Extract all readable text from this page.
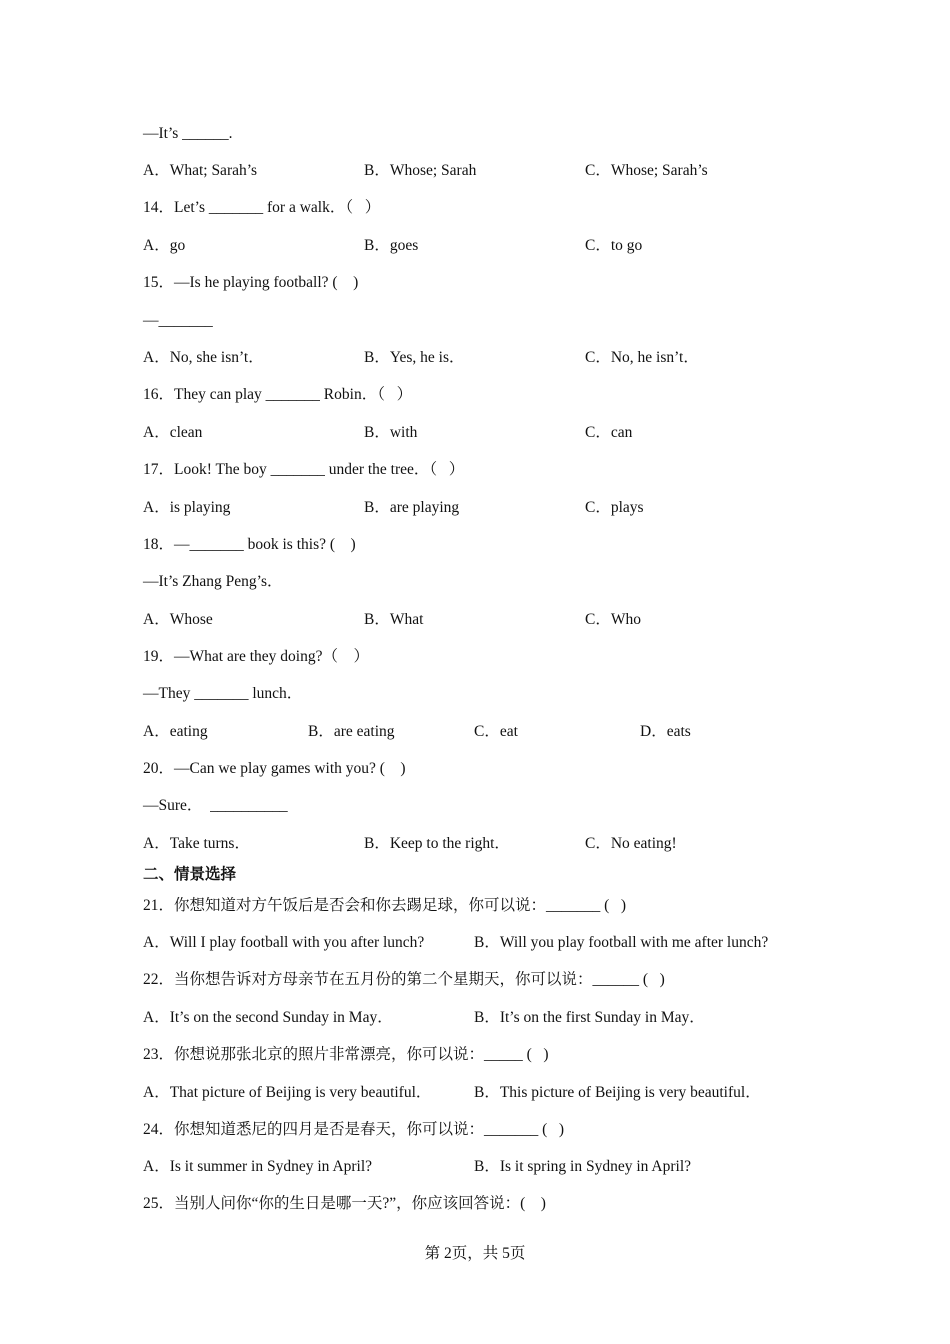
—It’s ______.
A．What; Sarah’s	B．Whose; Sarah	C．Whose; Sarah’s
14．Let’s _______ for a walk．（   ）
A．go	B．goes	C．to go
15．—Is he playing football? (    )
—_______
A．No, she isn’t．	B．Yes, he is．	C．No, he isn’t．
16．They can play _______ Robin．（   ）
A．clean	B．with	C．can
17．Look! The boy _______ under the tree．（   ）
A．is playing	B．are playing	C．plays
18．—_______ book is this? (    )
—It’s Zhang Peng’s．
A．Whose	B．What	C．Who
19．—What are they doing?（    ）
—They _______ lunch．
A．eating	B．are eating	C．eat	D．eats
20．—Can we play games with you? (    )
—Sure．  __________
A．Take turns．	B．Keep to the right．	C．No eating!
二、情景选择
21．你想知道对方午饭后是否会和你去踢足球，你可以说：_______ (   )
A．Will I play football with you after lunch?	B．Will you play football with me after lunch?
22．当你想告诉对方母亲节在五月份的第二个星期天，你可以说：______ (   )
A．It’s on the second Sunday in May．	B．It’s on the first Sunday in May．
23．你想说那张北京的照片非常漂亮，你可以说：_____ (   )
A．That picture of Beijing is very beautiful．	B．This picture of Beijing is very beautiful．
24．你想知道悉尼的四月是否是春天，你可以说：_______ (   )
A．Is it summer in Sydney in April?	B．Is it spring in Sydney in April?
25．当别人问你“你的生日是哪一天?”，你应该回答说：(    )
第 2页，共 5页
